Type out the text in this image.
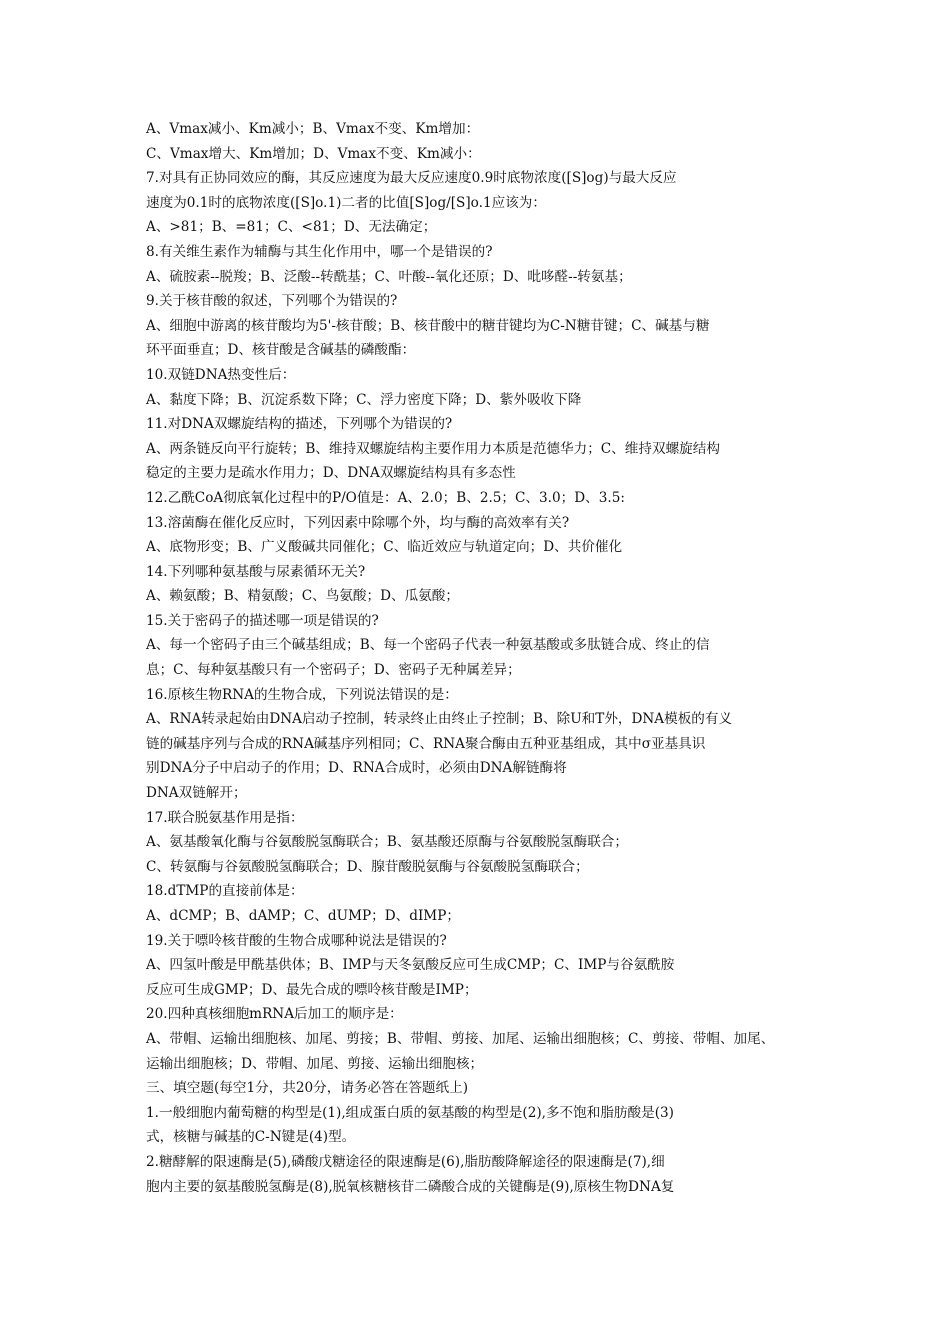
A、Vmax减小、Km减小；B、Vmax不变、Km增加：
C、Vmax增大、Km增加；D、Vmax不变、Km减小：
7.对具有正协同效应的酶，其反应速度为最大反应速度0.9时底物浓度([S]og)与最大反应
速度为0.1时的底物浓度([S]o.1)二者的比值[S]og/[S]o.1应该为：
A、>81；B、=81；C、<81；D、无法确定；
8.有关维生素作为辅酶与其生化作用中，哪一个是错误的?
A、硫胺素--脱羧；B、泛酸--转酰基；C、叶酸--氧化还原；D、吡哆醛--转氨基；
9.关于核苷酸的叙述，下列哪个为错误的?
A、细胞中游离的核苷酸均为5'-核苷酸；B、核苷酸中的糖苷键均为C-N糖苷键；C、碱基与糖
环平面垂直；D、核苷酸是含碱基的磷酸酯：
10.双链DNA热变性后：
A、黏度下降；B、沉淀系数下降；C、浮力密度下降；D、紫外吸收下降
11.对DNA双螺旋结构的描述，下列哪个为错误的?
A、两条链反向平行旋转；B、维持双螺旋结构主要作用力本质是范德华力；C、维持双螺旋结构
稳定的主要力是疏水作用力；D、DNA双螺旋结构具有多态性
12.乙酰CoA彻底氧化过程中的P/O值是：A、2.0；B、2.5；C、3.0；D、3.5:
13.溶菌酶在催化反应时，下列因素中除哪个外，均与酶的高效率有关?
A、底物形变；B、广义酸碱共同催化；C、临近效应与轨道定向；D、共价催化
14.下列哪种氨基酸与尿素循环无关?
A、赖氨酸；B、精氨酸；C、鸟氨酸；D、瓜氨酸；
15.关于密码子的描述哪一项是错误的?
A、每一个密码子由三个碱基组成；B、每一个密码子代表一种氨基酸或多肽链合成、终止的信
息；C、每种氨基酸只有一个密码子；D、密码子无种属差异；
16.原核生物RNA的生物合成，下列说法错误的是：
A、RNA转录起始由DNA启动子控制，转录终止由终止子控制；B、除U和T外，DNA模板的有义
链的碱基序列与合成的RNA碱基序列相同；C、RNA聚合酶由五种亚基组成，其中σ亚基具识
别DNA分子中启动子的作用；D、RNA合成时，必须由DNA解链酶将
DNA双链解开；
17.联合脱氨基作用是指：
A、氨基酸氧化酶与谷氨酸脱氢酶联合；B、氨基酸还原酶与谷氨酸脱氢酶联合；
C、转氨酶与谷氨酸脱氢酶联合；D、腺苷酸脱氨酶与谷氨酸脱氢酶联合；
18.dTMP的直接前体是：
A、dCMP；B、dAMP；C、dUMP；D、dIMP；
19.关于嘌呤核苷酸的生物合成哪种说法是错误的?
A、四氢叶酸是甲酰基供体；B、IMP与天冬氨酸反应可生成CMP；C、IMP与谷氨酰胺
反应可生成GMP；D、最先合成的嘌呤核苷酸是IMP；
20.四种真核细胞mRNA后加工的顺序是：
A、带帽、运输出细胞核、加尾、剪接；B、带帽、剪接、加尾、运输出细胞核；C、剪接、带帽、加尾、
运输出细胞核；D、带帽、加尾、剪接、运输出细胞核；
三、填空题(每空1分，共20分，请务必答在答题纸上)
1.一般细胞内葡萄糖的构型是(1),组成蛋白质的氨基酸的构型是(2),多不饱和脂肪酸是(3)
式，核糖与碱基的C-N键是(4)型。
2.糖酵解的限速酶是(5),磷酸戊糖途径的限速酶是(6),脂肪酸降解途径的限速酶是(7),细
胞内主要的氨基酸脱氢酶是(8),脱氧核糖核苷二磷酸合成的关键酶是(9),原核生物DNA复
